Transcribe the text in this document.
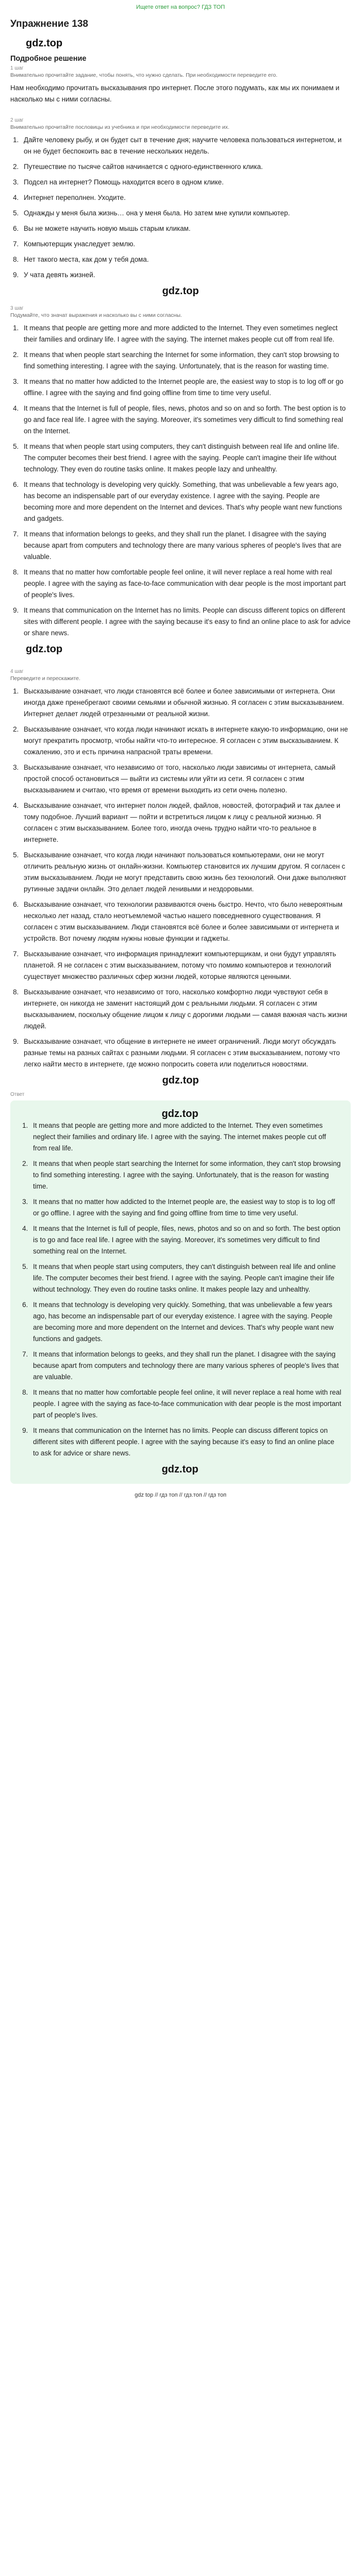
Ищете ответ на вопрос? ГДЗ ТОП
Упражнение 138
gdz.top
Подробное решение
1 шаг
Внимательно прочитайте задание, чтобы понять, что нужно сделать. При необходимости переведите его.
Нам необходимо прочитать высказывания про интернет. После этого подумать, как мы их понимаем и насколько мы с ними согласны.
2 шаг
Внимательно прочитайте пословицы из учебника и при необходимости переведите их.
1. Дайте человеку рыбу, и он будет сыт в течение дня; научите человека пользоваться интернетом, и он не будет беспокоить вас в течение нескольких недель.
2. Путешествие по тысяче сайтов начинается с одного-единственного клика.
3. Подсел на интернет? Помощь находится всего в одном клике.
4. Интернет переполнен. Уходите.
5. Однажды у меня была жизнь… она у меня была. Но затем мне купили компьютер.
6. Вы не можете научить новую мышь старым кликам.
7. Компьютерщик унаследует землю.
8. Нет такого места, как дом у тебя дома.
9. У чата девять жизней.
gdz.top
3 шаг
Подумайте, что значат выражения и насколько вы с ними согласны.
1. It means that people are getting more and more addicted to the Internet. They even sometimes neglect their families and ordinary life. I agree with the saying. The internet makes people cut off from real life.
2. It means that when people start searching the Internet for some information, they can't stop browsing to find something interesting. I agree with the saying. Unfortunately, that is the reason for wasting time.
3. It means that no matter how addicted to the Internet people are, the easiest way to stop is to log off or go offline. I agree with the saying and find going offline from time to time very useful.
4. It means that the Internet is full of people, files, news, photos and so on and so forth. The best option is to go and face real life. I agree with the saying. Moreover, it's sometimes very difficult to find something real on the Internet.
5. It means that when people start using computers, they can't distinguish between real life and online life. The computer becomes their best friend. I agree with the saying. People can't imagine their life without technology. They even do routine tasks online. It makes people lazy and unhealthy.
6. It means that technology is developing very quickly. Something, that was unbelievable a few years ago, has become an indispensable part of our everyday existence. I agree with the saying. People are becoming more and more dependent on the Internet and devices. That's why people want new functions and gadgets.
7. It means that information belongs to geeks, and they shall run the planet. I disagree with the saying because apart from computers and technology there are many various spheres of people's lives that are valuable.
8. It means that no matter how comfortable people feel online, it will never replace a real home with real people. I agree with the saying as face-to-face communication with dear people is the most important part of people's lives.
9. It means that communication on the Internet has no limits. People can discuss different topics on different sites with different people. I agree with the saying because it's easy to find an online place to ask for advice or share news.
gdz.top
4 шаг
Переведите и перескажите.
1. Высказывание означает, что люди становятся всё более и более зависимыми от интернета. Они иногда даже пренебрегают своими семьями и обычной жизнью. Я согласен с этим высказыванием. Интернет делает людей отрезанными от реальной жизни.
2. Высказывание означает, что когда люди начинают искать в интернете какую-то информацию, они не могут прекратить просмотр, чтобы найти что-то интересное. Я согласен с этим высказыванием. К сожалению, это и есть причина напрасной траты времени.
3. Высказывание означает, что независимо от того, насколько люди зависимы от интернета, самый простой способ остановиться — выйти из системы или уйти из сети. Я согласен с этим высказыванием и считаю, что время от времени выходить из сети очень полезно.
4. Высказывание означает, что интернет полон людей, файлов, новостей, фотографий и так далее и тому подобное. Лучший вариант — пойти и встретиться лицом к лицу с реальной жизнью. Я согласен с этим высказыванием. Более того, иногда очень трудно найти что-то реальное в интернете.
5. Высказывание означает, что когда люди начинают пользоваться компьютерами, они не могут отличить реальную жизнь от онлайн-жизни. Компьютер становится их лучшим другом. Я согласен с этим высказыванием. Люди не могут представить свою жизнь без технологий. Они даже выполняют рутинные задачи онлайн. Это делает людей ленивыми и нездоровыми.
6. Высказывание означает, что технологии развиваются очень быстро. Нечто, что было невероятным несколько лет назад, стало неотъемлемой частью нашего повседневного существования. Я согласен с этим высказыванием. Люди становятся всё более и более зависимыми от интернета и устройств. Вот почему людям нужны новые функции и гаджеты.
7. Высказывание означает, что информация принадлежит компьютерщикам, и они будут управлять планетой. Я не согласен с этим высказыванием, потому что помимо компьютеров и технологий существует множество различных сфер жизни людей, которые являются ценными.
8. Высказывание означает, что независимо от того, насколько комфортно люди чувствуют себя в интернете, он никогда не заменит настоящий дом с реальными людьми. Я согласен с этим высказыванием, поскольку общение лицом к лицу с дорогими людьми — самая важная часть жизни людей.
9. Высказывание означает, что общение в интернете не имеет ограничений. Люди могут обсуждать разные темы на разных сайтах с разными людьми. Я согласен с этим высказыванием, потому что легко найти место в интернете, где можно попросить совета или поделиться новостями.
gdz.top
Ответ
gdz.top
1. It means that people are getting more and more addicted to the Internet. They even sometimes neglect their families and ordinary life. I agree with the saying. The internet makes people cut off from real life.
2. It means that when people start searching the Internet for some information, they can't stop browsing to find something interesting. I agree with the saying. Unfortunately, that is the reason for wasting time.
3. It means that no matter how addicted to the Internet people are, the easiest way to stop is to log off or go offline. I agree with the saying and find going offline from time to time very useful.
4. It means that the Internet is full of people, files, news, photos and so on and so forth. The best option is to go and face real life. I agree with the saying. Moreover, it's sometimes very difficult to find something real on the Internet.
5. It means that when people start using computers, they can't distinguish between real life and online life. The computer becomes their best friend. I agree with the saying. People can't imagine their life without technology. They even do routine tasks online. It makes people lazy and unhealthy.
6. It means that technology is developing very quickly. Something, that was unbelievable a few years ago, has become an indispensable part of our everyday existence. I agree with the saying. People are becoming more and more dependent on the Internet and devices. That's why people want new functions and gadgets.
7. It means that information belongs to geeks, and they shall run the planet. I disagree with the saying because apart from computers and technology there are many various spheres of people's lives that are valuable.
8. It means that no matter how comfortable people feel online, it will never replace a real home with real people. I agree with the saying as face-to-face communication with dear people is the most important part of people's lives.
9. It means that communication on the Internet has no limits. People can discuss different topics on different sites with different people. I agree with the saying because it's easy to find an online place to ask for advice or share news.
gdz.top
gdz top // гдз топ // гдз.топ // гдз топ
